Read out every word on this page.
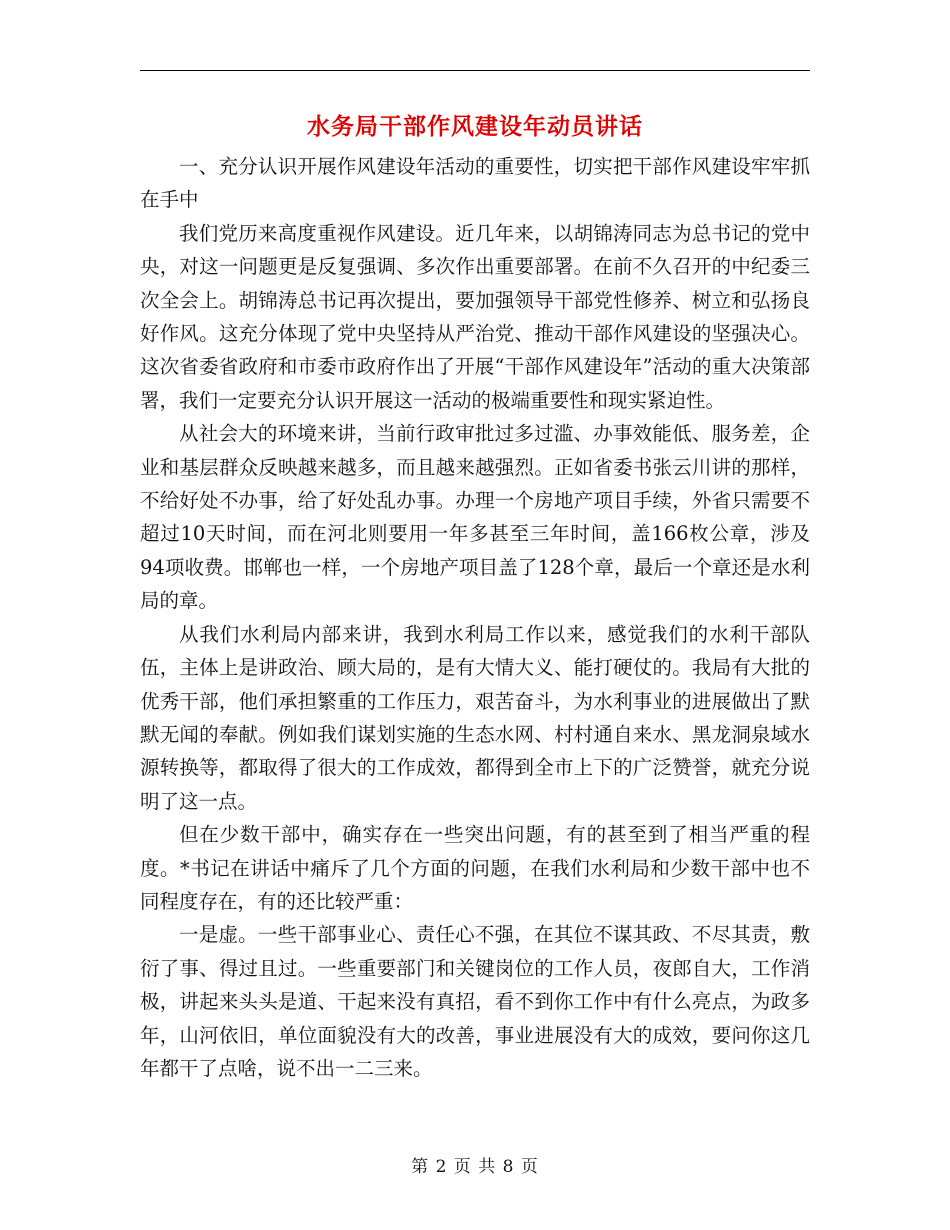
水务局干部作风建设年动员讲话

一、充分认识开展作风建设年活动的重要性，切实把干部作风建设牢牢抓在手中

我们党历来高度重视作风建设。近几年来，以胡锦涛同志为总书记的党中央，对这一问题更是反复强调、多次作出重要部署。在前不久召开的中纪委三次全会上。胡锦涛总书记再次提出，要加强领导干部党性修养、树立和弘扬良好作风。这充分体现了党中央坚持从严治党、推动干部作风建设的坚强决心。这次省委省政府和市委市政府作出了开展“干部作风建设年”活动的重大决策部署，我们一定要充分认识开展这一活动的极端重要性和现实紧迫性。

从社会大的环境来讲，当前行政审批过多过滥、办事效能低、服务差，企业和基层群众反映越来越多，而且越来越强烈。正如省委书张云川讲的那样，不给好处不办事，给了好处乱办事。办理一个房地产项目手续，外省只需要不超过10天时间，而在河北则要用一年多甚至三年时间，盖166枚公章，涉及94项收费。邯郸也一样，一个房地产项目盖了128个章，最后一个章还是水利局的章。

从我们水利局内部来讲，我到水利局工作以来，感觉我们的水利干部队伍，主体上是讲政治、顾大局的，是有大情大义、能打硬仗的。我局有大批的优秀干部，他们承担繁重的工作压力，艰苦奋斗，为水利事业的进展做出了默默无闻的奉献。例如我们谋划实施的生态水网、村村通自来水、黑龙洞泉域水源转换等，都取得了很大的工作成效，都得到全市上下的广泛赞誉，就充分说明了这一点。

但在少数干部中，确实存在一些突出问题，有的甚至到了相当严重的程度。*书记在讲话中痛斥了几个方面的问题，在我们水利局和少数干部中也不同程度存在，有的还比较严重：

一是虚。一些干部事业心、责任心不强，在其位不谋其政、不尽其责，敷衍了事、得过且过。一些重要部门和关键岗位的工作人员，夜郎自大，工作消极，讲起来头头是道、干起来没有真招，看不到你工作中有什么亮点，为政多年，山河依旧，单位面貌没有大的改善，事业进展没有大的成效，要问你这几年都干了点啥，说不出一二三来。

第 2 页 共 8 页
